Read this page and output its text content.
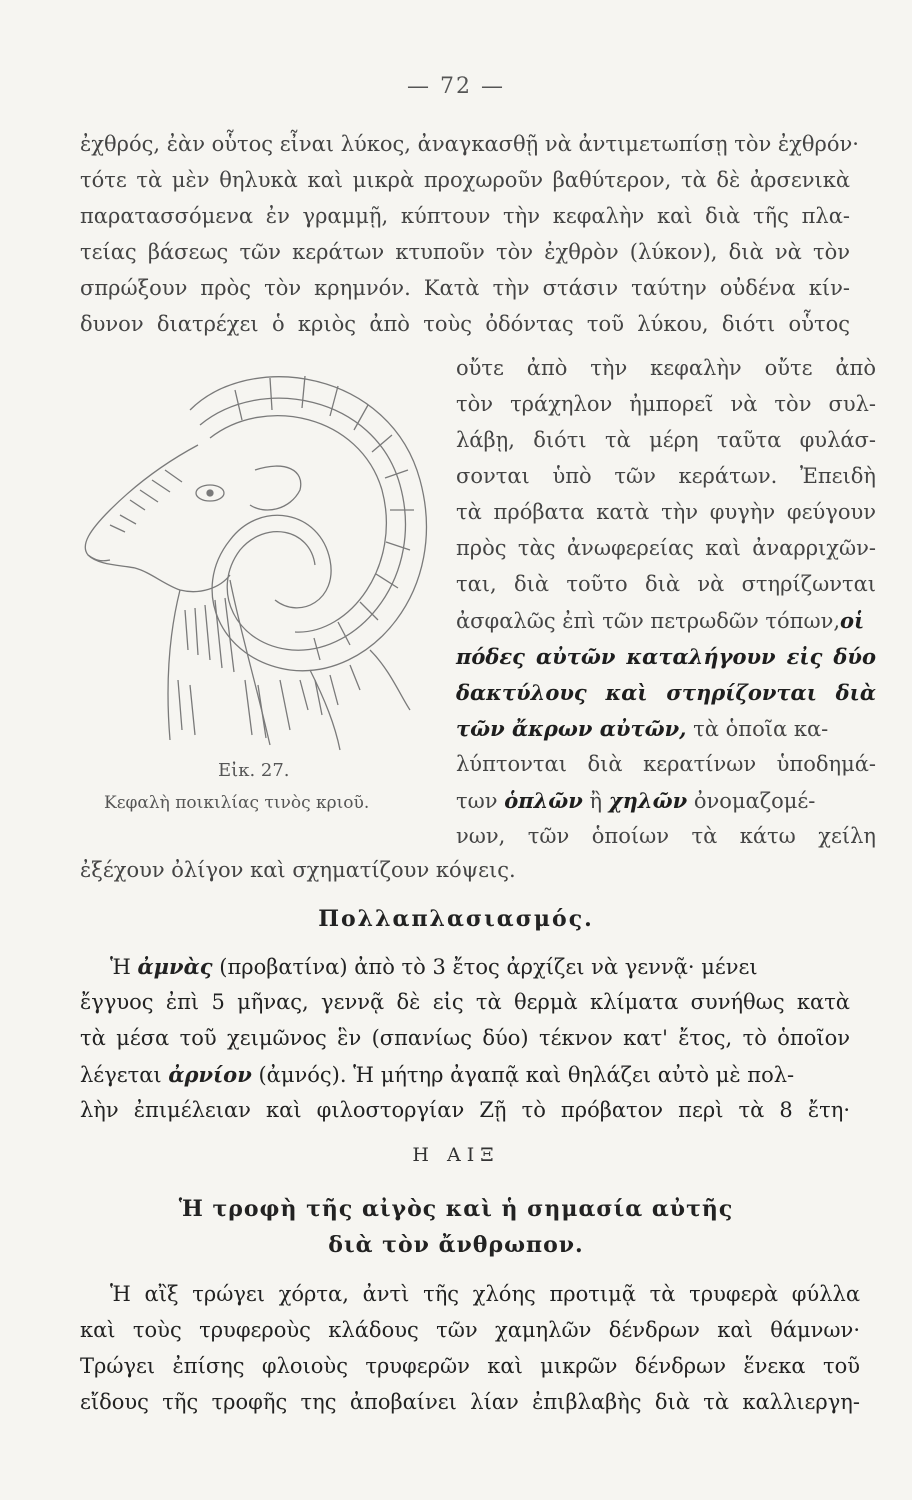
— 72 —
ἐχθρός, ἐὰν οὗτος εἶναι λύκος, ἀναγκασθῇ νὰ ἀντιμετωπίσῃ τὸν ἐχθρόν·
τότε τὰ μὲν θηλυκὰ καὶ μικρὰ προχωροῦν βαθύτερον, τὰ δὲ ἀρσενικὰ
παρατασσόμενα ἐν γραμμῇ, κύπτουν τὴν κεφαλὴν καὶ διὰ τῆς πλα-
τείας βάσεως τῶν κεράτων κτυποῦν τὸν ἐχθρὸν (λύκον), διὰ νὰ τὸν
σπρώξουν πρὸς τὸν κρημνόν. Κατὰ τὴν στάσιν ταύτην οὐδένα κίν-
δυνον διατρέχει ὁ κριὸς ἀπὸ τοὺς ὀδόντας τοῦ λύκου, διότι οὗτος
Εἰκ. 27.
Κεφαλὴ ποικιλίας τινὸς κριοῦ.
οὔτε ἀπὸ τὴν κεφαλὴν οὔτε ἀπὸ
τὸν τράχηλον ἠμπορεῖ νὰ τὸν συλ-
λάβῃ, διότι τὰ μέρη ταῦτα φυλάσ-
σονται ὑπὸ τῶν κεράτων. Ἐπειδὴ
τὰ πρόβατα κατὰ τὴν φυγὴν φεύγουν
πρὸς τὰς ἀνωφερείας καὶ ἀναρριχῶν-
ται, διὰ τοῦτο διὰ νὰ στηρίζωνται
ἀσφαλῶς ἐπὶ τῶν πετρωδῶν τόπων,οἱ
πόδες αὐτῶν καταλήγουν εἰς δύο
δακτύλους καὶ στηρίζονται διὰ
τῶν ἄκρων αὐτῶν, τὰ ὁποῖα κα-
λύπτονται διὰ κερατίνων ὑποδημά-
των ὁπλῶν ἢ χηλῶν ὀνομαζομέ-
νων, τῶν ὁποίων τὰ κάτω χείλη
ἐξέχουν ὀλίγον καὶ σχηματίζουν κόψεις.
Πολλαπλασιασμός.
Ἡ ἀμνὰς (προβατίνα) ἀπὸ τὸ 3 ἔτος ἀρχίζει νὰ γεννᾷ· μένει
ἔγγυος ἐπὶ 5 μῆνας, γεννᾷ δὲ εἰς τὰ θερμὰ κλίματα συνήθως κατὰ
τὰ μέσα τοῦ χειμῶνος ἓν (σπανίως δύο) τέκνον κατ' ἔτος, τὸ ὁποῖον
λέγεται ἀρνίον (ἀμνός). Ἡ μήτηρ ἀγαπᾷ καὶ θηλάζει αὐτὸ μὲ πολ-
λὴν ἐπιμέλειαν καὶ φιλοστοργίαν Ζῇ τὸ πρόβατον περὶ τὰ 8 ἔτη·
Η ΑΙΞ
Ἡ τροφὴ τῆς αἰγὸς καὶ ἡ σημασία αὐτῆς
διὰ τὸν ἄνθρωπον.
Ἡ αἲξ τρώγει χόρτα, ἀντὶ τῆς χλόης προτιμᾷ τὰ τρυφερὰ φύλλα
καὶ τοὺς τρυφεροὺς κλάδους τῶν χαμηλῶν δένδρων καὶ θάμνων·
Τρώγει ἐπίσης φλοιοὺς τρυφερῶν καὶ μικρῶν δένδρων ἕνεκα τοῦ
εἴδους τῆς τροφῆς της ἀποβαίνει λίαν ἐπιβλαβὴς διὰ τὰ καλλιεργη-
